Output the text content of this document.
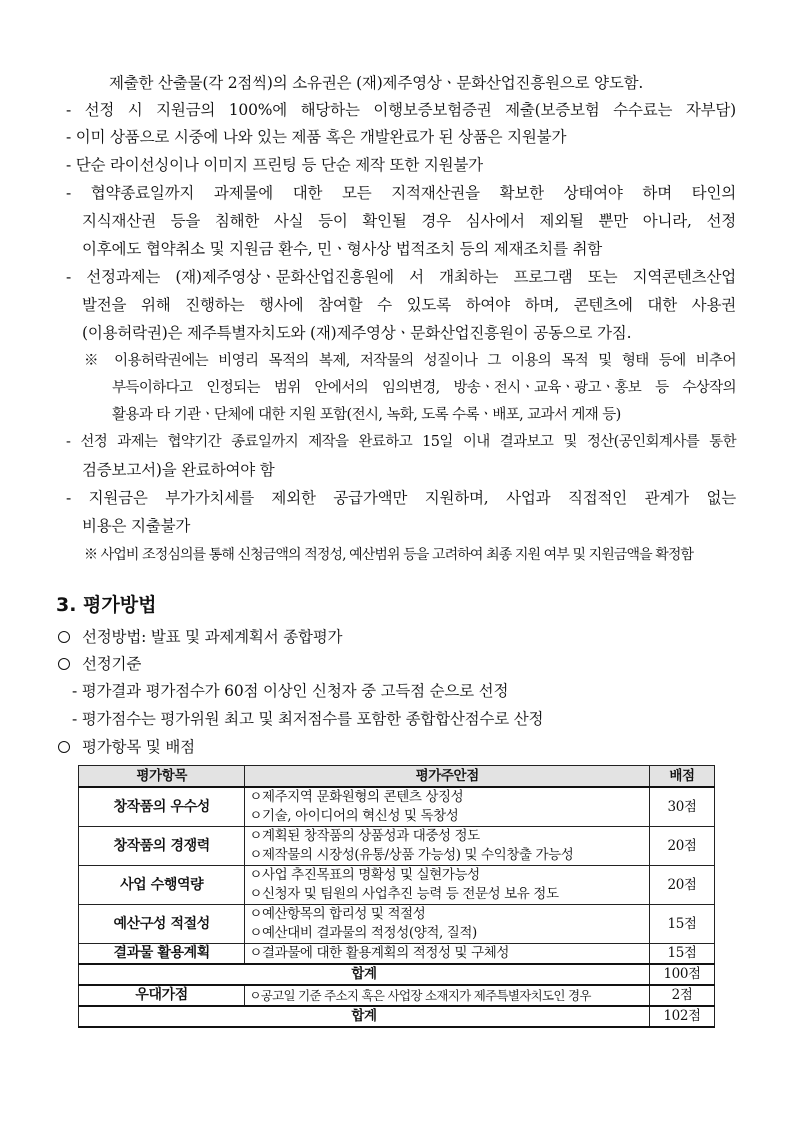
제출한 산출물(각 2점씩)의 소유권은 (재)제주영상ㆍ문화산업진흥원으로 양도함.
- 선정 시 지원금의 100%에 해당하는 이행보증보험증권 제출(보증보험 수수료는 자부담)
- 이미 상품으로 시중에 나와 있는 제품 혹은 개발완료가 된 상품은 지원불가
- 단순 라이선싱이나 이미지 프린팅 등 단순 제작 또한 지원불가
- 협약종료일까지 과제물에 대한 모든 지적재산권을 확보한 상태여야 하며 타인의
지식재산권 등을 침해한 사실 등이 확인될 경우 심사에서 제외될 뿐만 아니라, 선정
이후에도 협약취소 및 지원금 환수, 민ㆍ형사상 법적조치 등의 제재조치를 취함
- 선정과제는 (재)제주영상ㆍ문화산업진흥원에 서 개최하는 프로그램 또는 지역콘텐츠산업
발전을 위해 진행하는 행사에 참여할 수 있도록 하여야 하며, 콘텐츠에 대한 사용권
(이용허락권)은 제주특별자치도와 (재)제주영상ㆍ문화산업진흥원이 공동으로 가짐.
※ 이용허락권에는 비영리 목적의 복제, 저작물의 성질이나 그 이용의 목적 및 형태 등에 비추어
부득이하다고 인정되는 범위 안에서의 임의변경, 방송ㆍ전시ㆍ교육ㆍ광고ㆍ홍보 등 수상작의
활용과 타 기관ㆍ단체에 대한 지원 포함(전시, 녹화, 도록 수록ㆍ배포, 교과서 게재 등)
- 선정 과제는 협약기간 종료일까지 제작을 완료하고 15일 이내 결과보고 및 정산(공인회계사를 통한
검증보고서)을 완료하여야 함
- 지원금은 부가가치세를 제외한 공급가액만 지원하며, 사업과 직접적인 관계가 없는
비용은 지출불가
※ 사업비 조정심의를 통해 신청금액의 적정성, 예산범위 등을 고려하여 최종 지원 여부 및 지원금액을 확정함
3. 평가방법
선정방법: 발표 및 과제계획서 종합평가
선정기준
- 평가결과 평가점수가 60점 이상인 신청자 중 고득점 순으로 선정
- 평가점수는 평가위원 최고 및 최저점수를 포함한 종합합산점수로 산정
평가항목 및 배점
평가항목	평가주안점	배점
창작품의 우수성	ㅇ제주지역 문화원형의 콘텐츠 상징성
ㅇ기술, 아이디어의 혁신성 및 독창성	30점
창작품의 경쟁력	ㅇ계획된 창작품의 상품성과 대중성 정도
ㅇ제작물의 시장성(유통/상품 가능성) 및 수익창출 가능성	20점
사업 수행역량	ㅇ사업 추진목표의 명확성 및 실현가능성
ㅇ신청자 및 팀원의 사업추진 능력 등 전문성 보유 정도	20점
예산구성 적절성	ㅇ예산항목의 합리성 및 적절성
ㅇ예산대비 결과물의 적정성(양적, 질적)	15점
결과물 활용계획	ㅇ결과물에 대한 활용계획의 적정성 및 구체성	15점
합계		100점
우대가점	ㅇ공고일 기준 주소지 혹은 사업장 소재지가 제주특별자치도인 경우	2점
합계		102점
